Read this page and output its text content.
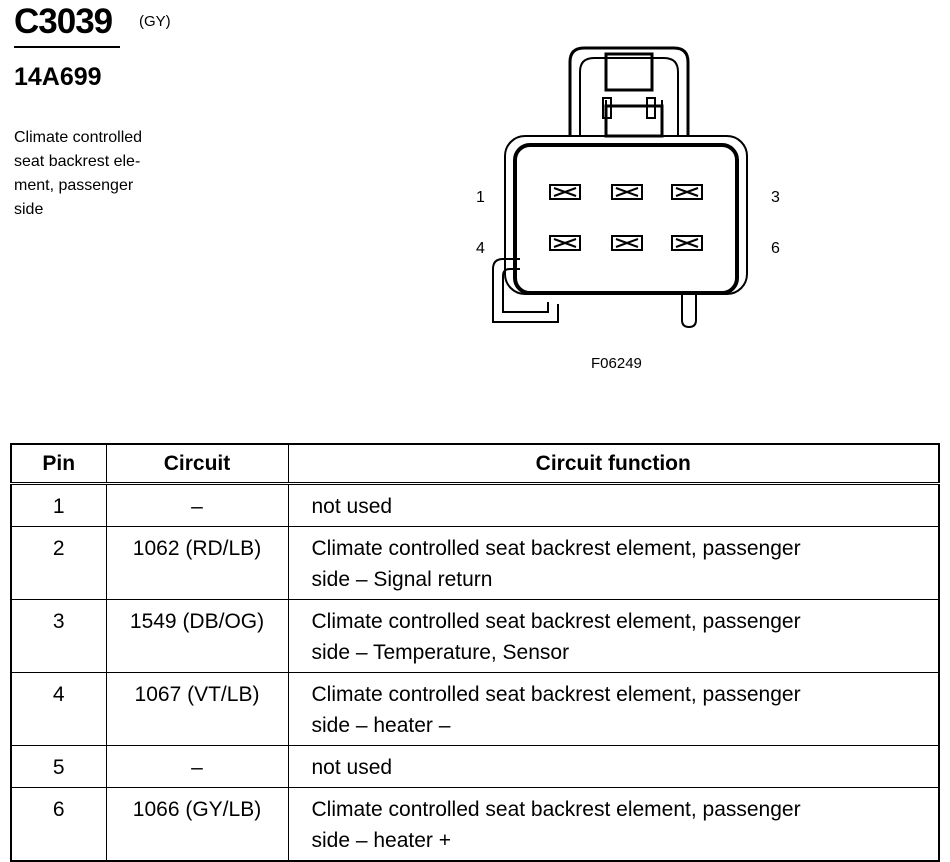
C3039 (GY)
14A699
Climate controlled
seat backrest ele-
ment, passenger
side
1	3
4	6
F06249
Pin	Circuit	Circuit function
1	–	not used
2	1062 (RD/LB)	Climate controlled seat backrest element, passenger
side – Signal return
3	1549 (DB/OG)	Climate controlled seat backrest element, passenger
side – Temperature, Sensor
4	1067 (VT/LB)	Climate controlled seat backrest element, passenger
side – heater –
5	–	not used
6	1066 (GY/LB)	Climate controlled seat backrest element, passenger
side – heater +
